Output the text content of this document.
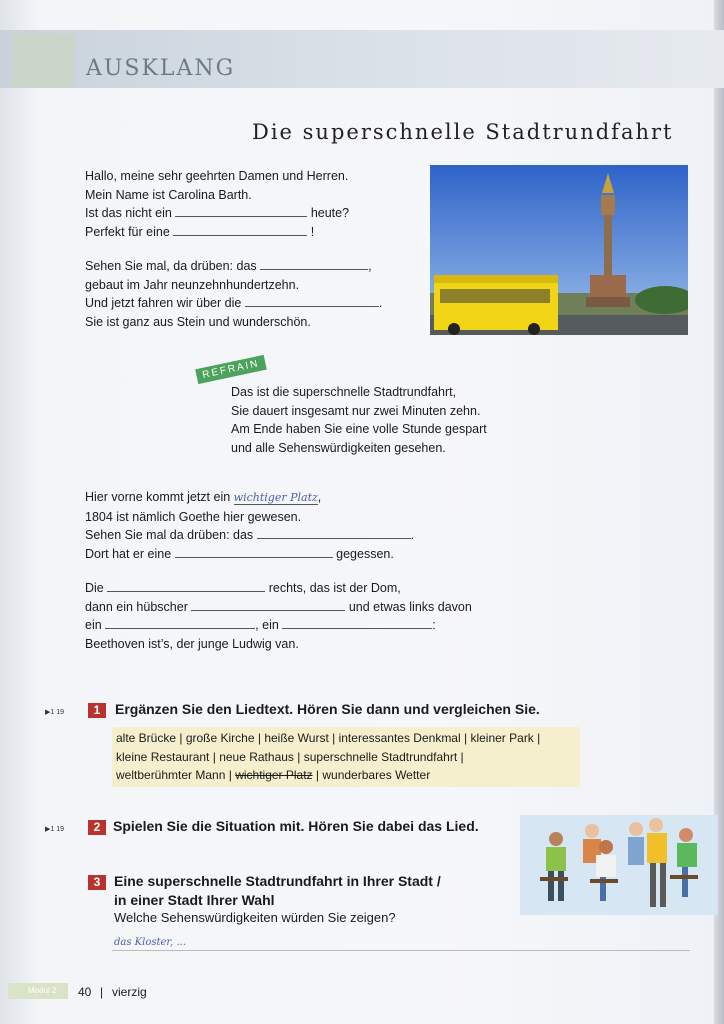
AUSKLANG
Die superschnelle Stadtrundfahrt
Hallo, meine sehr geehrten Damen und Herren.
Mein Name ist Carolina Barth.
Ist das nicht ein	heute?
Perfekt für eine	!
Sehen Sie mal, da drüben: das	,
gebaut im Jahr neunzehnhundertzehn.
Und jetzt fahren wir über die	.
Sie ist ganz aus Stein und wunderschön.
REFRAIN
Das ist die superschnelle Stadtrundfahrt,
Sie dauert insgesamt nur zwei Minuten zehn.
Am Ende haben Sie eine volle Stunde gespart
und alle Sehenswürdigkeiten gesehen.
Hier vorne kommt jetzt ein wichtiger Platz,
1804 ist nämlich Goethe hier gewesen.
Sehen Sie mal da drüben: das	.
Dort hat er eine	gegessen.
Die	rechts, das ist der Dom,
dann ein hübscher	und etwas links davon
ein	, ein	:
Beethoven ist’s, der junge Ludwig van.
▶1 19	1	Ergänzen Sie den Liedtext. Hören Sie dann und vergleichen Sie.
alte Brücke | große Kirche | heiße Wurst | interessantes Denkmal | kleiner Park |
kleine Restaurant | neue Rathaus | superschnelle Stadtrundfahrt |
weltberühmter Mann | wichtiger Platz | wunderbares Wetter
▶1 19	2 Spielen Sie die Situation mit. Hören Sie dabei das Lied.
3 Eine superschnelle Stadtrundfahrt in Ihrer Stadt /
in einer Stadt Ihrer Wahl
Welche Sehenswürdigkeiten würden Sie zeigen?
das Kloster, ...
Modul 2	40 | vierzig
